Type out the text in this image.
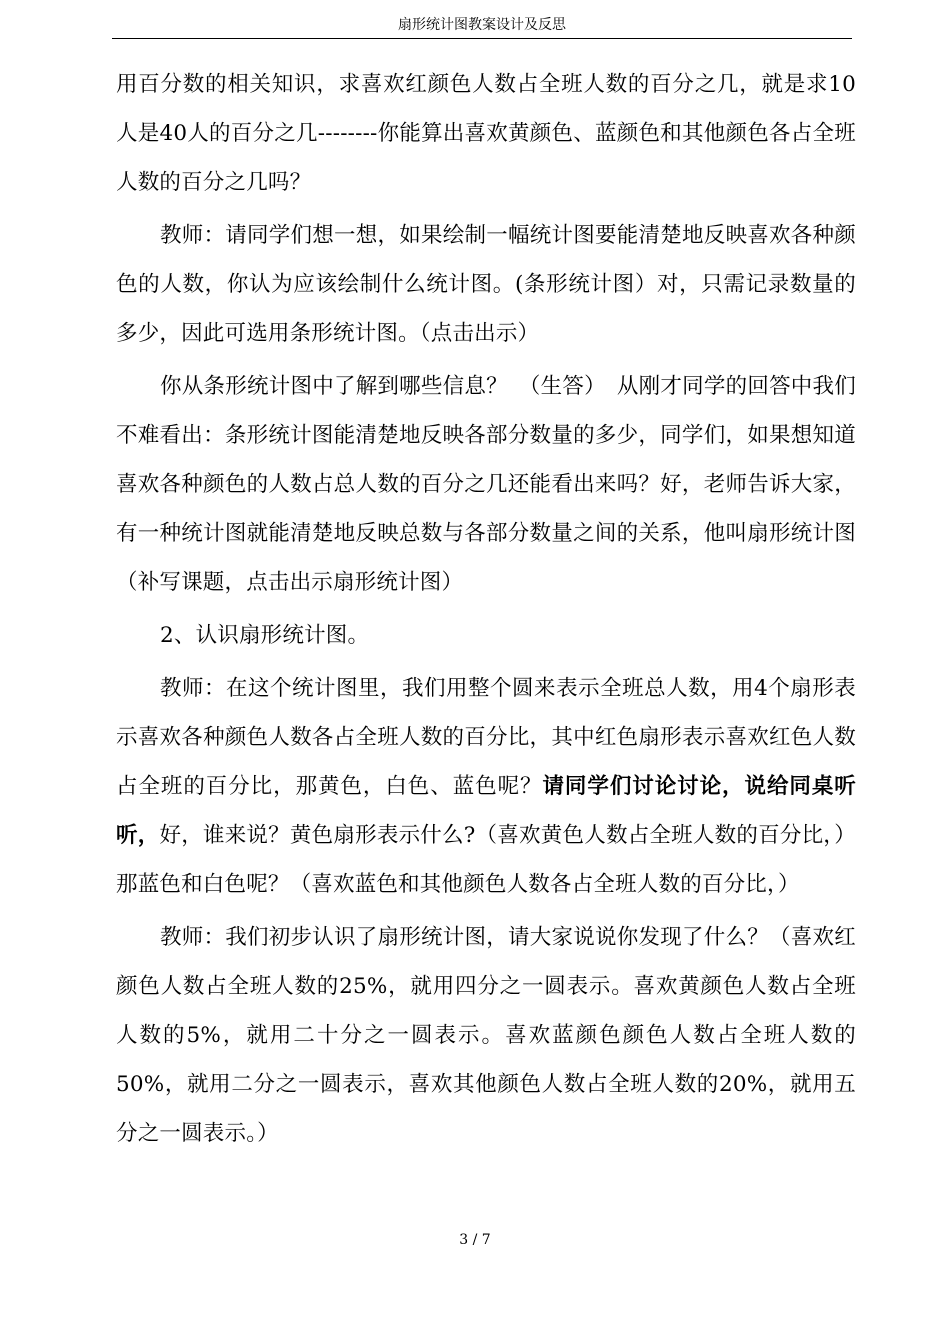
扇形统计图教案设计及反思

用百分数的相关知识，求喜欢红颜色人数占全班人数的百分之几，就是求10人是40人的百分之几--------你能算出喜欢黄颜色、蓝颜色和其他颜色各占全班人数的百分之几吗？

教师：请同学们想一想，如果绘制一幅统计图要能清楚地反映喜欢各种颜色的人数，你认为应该绘制什么统计图。(条形统计图）对，只需记录数量的多少，因此可选用条形统计图。（点击出示）

你从条形统计图中了解到哪些信息？　（生答）　从刚才同学的回答中我们不难看出：条形统计图能清楚地反映各部分数量的多少，同学们，如果想知道喜欢各种颜色的人数占总人数的百分之几还能看出来吗？好，老师告诉大家，有一种统计图就能清楚地反映总数与各部分数量之间的关系，他叫扇形统计图（补写课题，点击出示扇形统计图）

2、认识扇形统计图。

教师：在这个统计图里，我们用整个圆来表示全班总人数，用4个扇形表示喜欢各种颜色人数各占全班人数的百分比，其中红色扇形表示喜欢红色人数占全班的百分比，那黄色，白色、蓝色呢？请同学们讨论讨论，说给同桌听听，好，谁来说？黄色扇形表示什么?（喜欢黄色人数占全班人数的百分比，）那蓝色和白色呢？（喜欢蓝色和其他颜色人数各占全班人数的百分比，）

教师：我们初步认识了扇形统计图，请大家说说你发现了什么？（喜欢红颜色人数占全班人数的25%，就用四分之一圆表示。喜欢黄颜色人数占全班人数的5%，就用二十分之一圆表示。喜欢蓝颜色颜色人数占全班人数的50%，就用二分之一圆表示，喜欢其他颜色人数占全班人数的20%，就用五分之一圆表示。）

3 / 7
